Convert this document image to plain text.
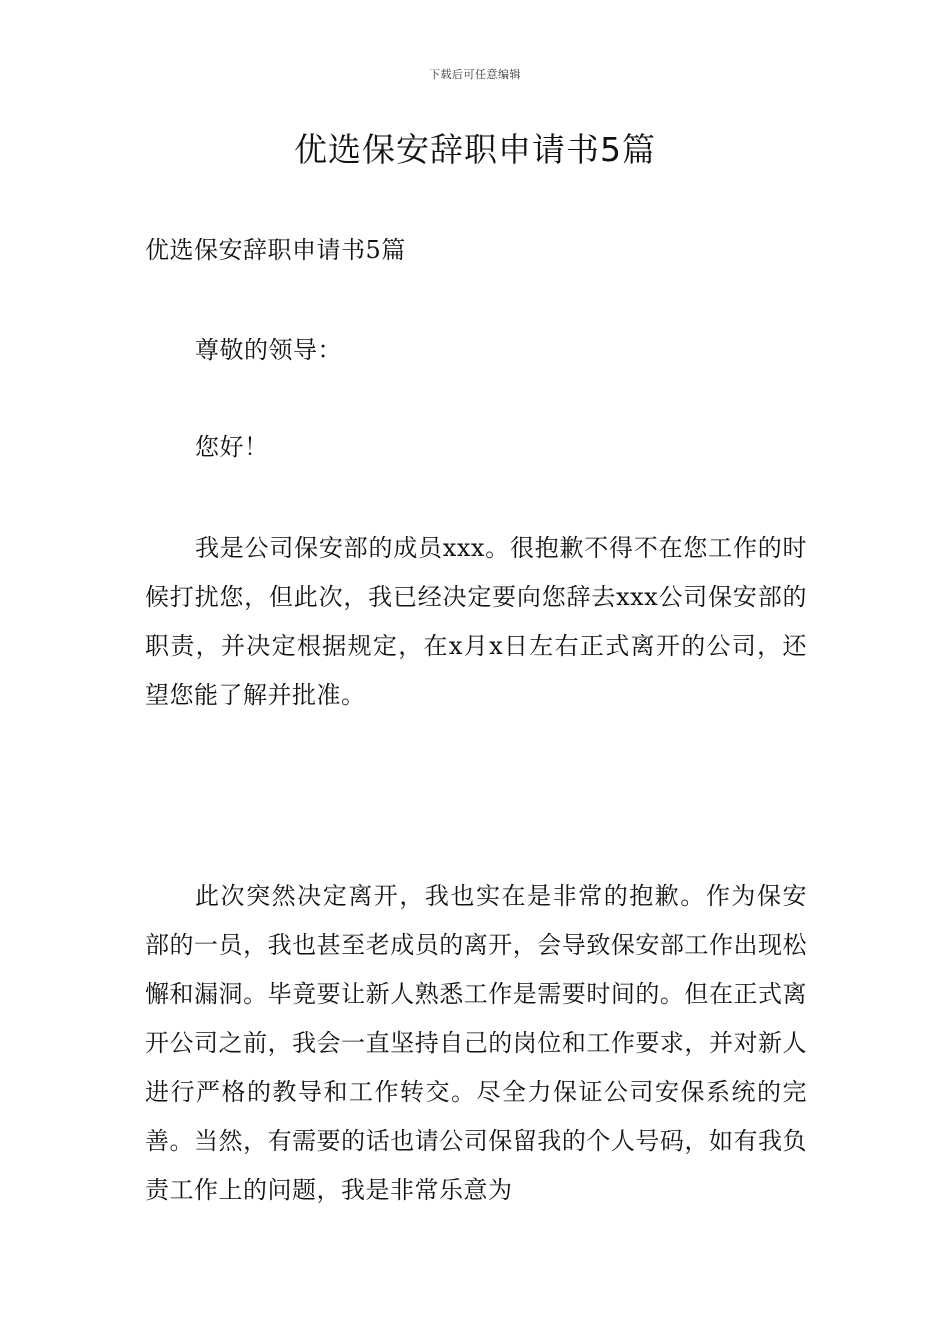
下载后可任意编辑
优选保安辞职申请书5篇

优选保安辞职申请书5篇

尊敬的领导：

您好！

我是公司保安部的成员xxx。很抱歉不得不在您工作的时候打扰您，但此次，我已经决定要向您辞去xxx公司保安部的职责，并决定根据规定，在x月x日左右正式离开的公司，还望您能了解并批准。

此次突然决定离开，我也实在是非常的抱歉。作为保安部的一员，我也甚至老成员的离开，会导致保安部工作出现松懈和漏洞。毕竟要让新人熟悉工作是需要时间的。但在正式离开公司之前，我会一直坚持自己的岗位和工作要求，并对新人进行严格的教导和工作转交。尽全力保证公司安保系统的完善。当然，有需要的话也请公司保留我的个人号码，如有我负责工作上的问题，我是非常乐意为
